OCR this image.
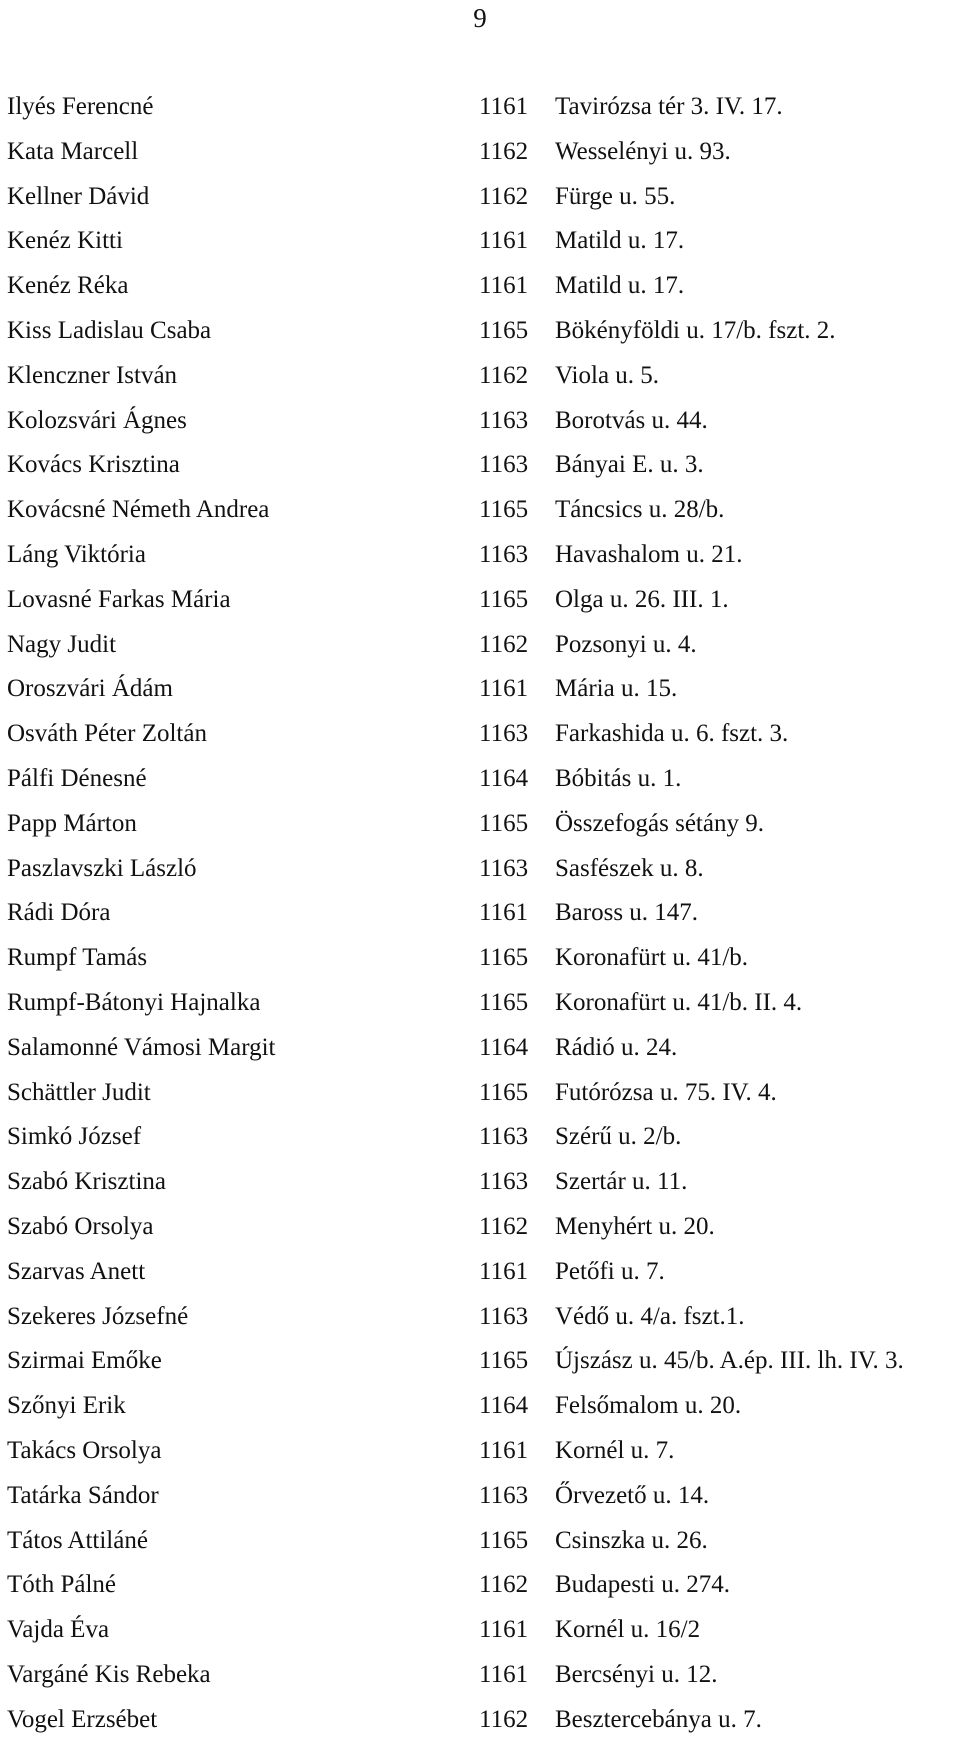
9
Ilyés Ferencné	1161 Tavirózsa tér 3. IV. 17.
Kata Marcell	1162 Wesselényi u. 93.
Kellner Dávid	1162 Fürge u. 55.
Kenéz Kitti	1161 Matild u. 17.
Kenéz Réka	1161 Matild u. 17.
Kiss Ladislau Csaba	1165 Bökényföldi u. 17/b. fszt. 2.
Klenczner István	1162 Viola u. 5.
Kolozsvári Ágnes	1163 Borotvás u. 44.
Kovács Krisztina	1163 Bányai E. u. 3.
Kovácsné Németh Andrea	1165 Táncsics u. 28/b.
Láng Viktória	1163 Havashalom u. 21.
Lovasné Farkas Mária	1165 Olga u. 26. III. 1.
Nagy Judit	1162 Pozsonyi u. 4.
Oroszvári Ádám	1161 Mária u. 15.
Osváth Péter Zoltán	1163 Farkashida u. 6. fszt. 3.
Pálfi Dénesné	1164 Bóbitás u. 1.
Papp Márton	1165 Összefogás sétány 9.
Paszlavszki László	1163 Sasfészek u. 8.
Rádi Dóra	1161 Baross u. 147.
Rumpf Tamás	1165 Koronafürt u. 41/b.
Rumpf-Bátonyi Hajnalka	1165 Koronafürt u. 41/b. II. 4.
Salamonné Vámosi Margit	1164 Rádió u. 24.
Schättler Judit	1165 Futórózsa u. 75. IV. 4.
Simkó József	1163 Szérű u. 2/b.
Szabó Krisztina	1163 Szertár u. 11.
Szabó Orsolya	1162 Menyhért u. 20.
Szarvas Anett	1161 Petőfi u. 7.
Szekeres Józsefné	1163 Védő u. 4/a. fszt.1.
Szirmai Emőke	1165 Újszász u. 45/b. A.ép. III. lh. IV. 3.
Szőnyi Erik	1164 Felsőmalom u. 20.
Takács Orsolya	1161 Kornél u. 7.
Tatárka Sándor	1163 Őrvezető u. 14.
Tátos Attiláné	1165 Csinszka u. 26.
Tóth Pálné	1162 Budapesti u. 274.
Vajda Éva	1161 Kornél u. 16/2
Vargáné Kis Rebeka	1161 Bercsényi u. 12.
Vogel Erzsébet	1162 Besztercebánya u. 7.
